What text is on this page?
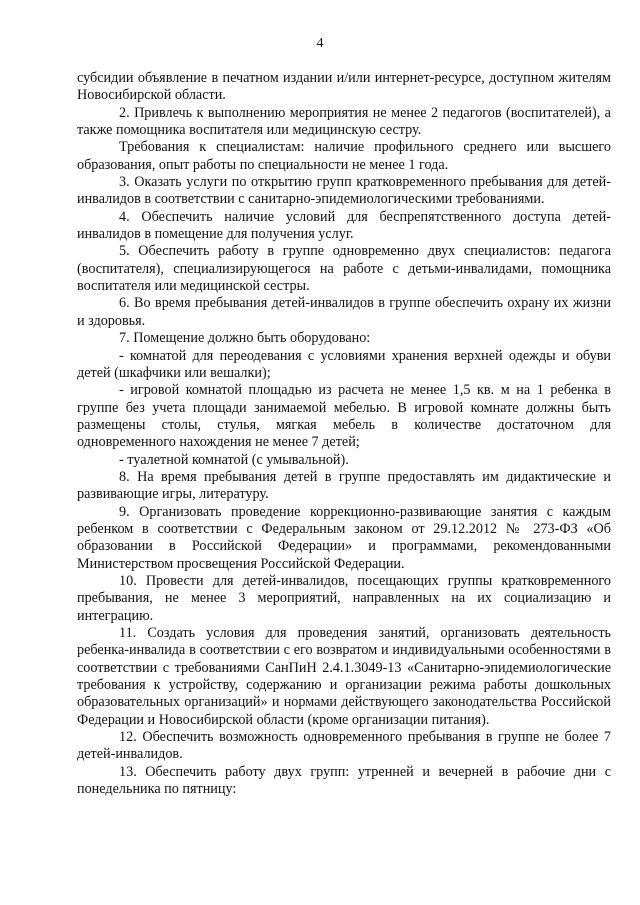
4

субсидии объявление в печатном издании и/или интернет-ресурсе, доступном жителям Новосибирской области.

2. Привлечь к выполнению мероприятия не менее 2 педагогов (воспитателей), а также помощника воспитателя или медицинскую сестру.

Требования к специалистам: наличие профильного среднего или высшего образования, опыт работы по специальности не менее 1 года.

3. Оказать услуги по открытию групп кратковременного пребывания для детей-инвалидов в соответствии с санитарно-эпидемиологическими требованиями.

4. Обеспечить наличие условий для беспрепятственного доступа детей-инвалидов в помещение для получения услуг.

5. Обеспечить работу в группе одновременно двух специалистов: педагога (воспитателя), специализирующегося на работе с детьми-инвалидами, помощника воспитателя или медицинской сестры.

6. Во время пребывания детей-инвалидов в группе обеспечить охрану их жизни и здоровья.

7. Помещение должно быть оборудовано:

- комнатой для переодевания с условиями хранения верхней одежды и обуви детей (шкафчики или вешалки);

- игровой комнатой площадью из расчета не менее 1,5 кв. м на 1 ребенка в группе без учета площади занимаемой мебелью. В игровой комнате должны быть размещены столы, стулья, мягкая мебель в количестве достаточном для одновременного нахождения не менее 7 детей;

- туалетной комнатой (с умывальной).

8. На время пребывания детей в группе предоставлять им дидактические и развивающие игры, литературу.

9. Организовать проведение коррекционно-развивающие занятия с каждым ребенком в соответствии с Федеральным законом от 29.12.2012 № 273-ФЗ «Об образовании в Российской Федерации» и программами, рекомендованными Министерством просвещения Российской Федерации.

10. Провести для детей-инвалидов, посещающих группы кратковременного пребывания, не менее 3 мероприятий, направленных на их социализацию и интеграцию.

11. Создать условия для проведения занятий, организовать деятельность ребенка-инвалида в соответствии с его возвратом и индивидуальными особенностями в соответствии с требованиями СанПиН 2.4.1.3049-13 «Санитарно-эпидемиологические требования к устройству, содержанию и организации режима работы дошкольных образовательных организаций» и нормами действующего законодательства Российской Федерации и Новосибирской области (кроме организации питания).

12. Обеспечить возможность одновременного пребывания в группе не более 7 детей-инвалидов.

13. Обеспечить работу двух групп: утренней и вечерней в рабочие дни с понедельника по пятницу:
